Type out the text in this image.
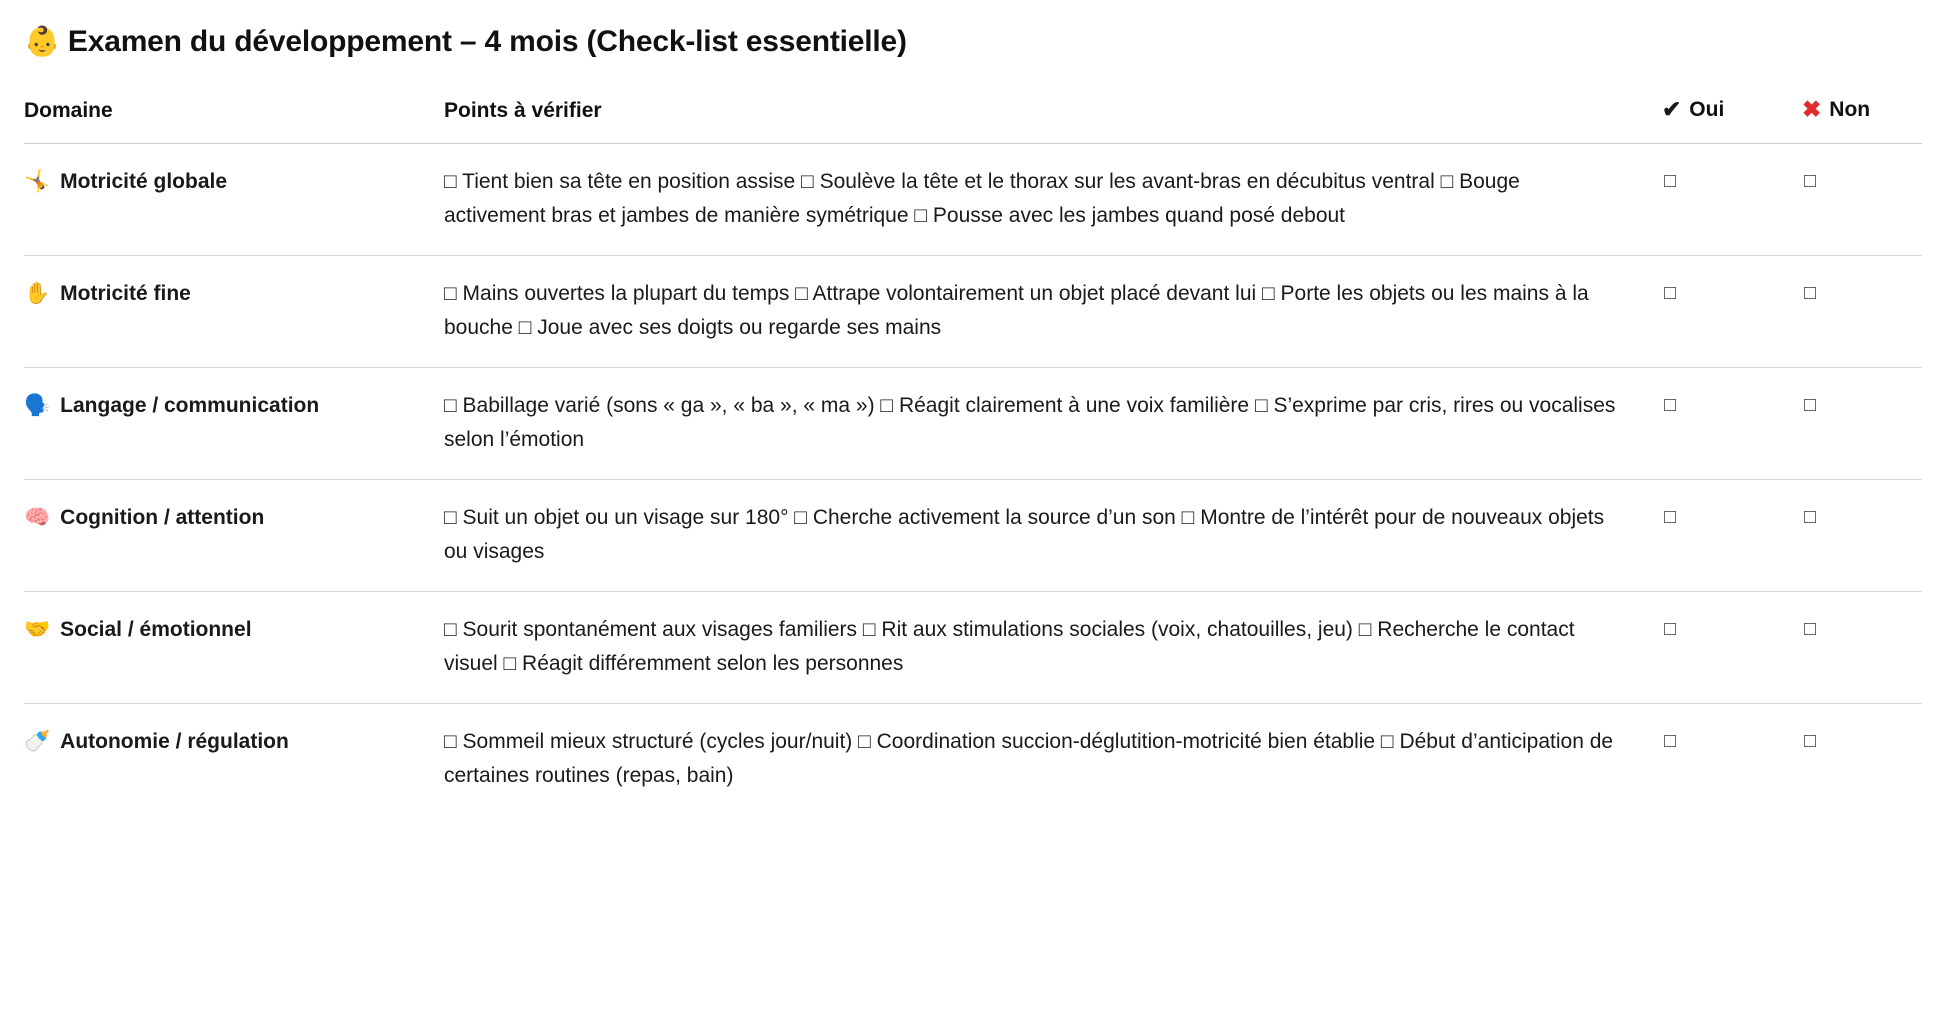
👶 Examen du développement – 4 mois (Check-list essentielle)
Domaine	Points à vérifier	✔︎ Oui	✖︎ Non
🤸 Motricité globale	□ Tient bien sa tête en position assise □ Soulève la tête et le thorax sur les avant-bras en décubitus ventral □ Bouge activement bras et jambes de manière symétrique □ Pousse avec les jambes quand posé debout	□	□
✋ Motricité fine	□ Mains ouvertes la plupart du temps □ Attrape volontairement un objet placé devant lui □ Porte les objets ou les mains à la bouche □ Joue avec ses doigts ou regarde ses mains	□	□
🗣️ Langage / communication	□ Babillage varié (sons « ga », « ba », « ma ») □ Réagit clairement à une voix familière □ S’exprime par cris, rires ou vocalises selon l’émotion	□	□
🧠 Cognition / attention	□ Suit un objet ou un visage sur 180° □ Cherche activement la source d’un son □ Montre de l’intérêt pour de nouveaux objets ou visages	□	□
🤝 Social / émotionnel	□ Sourit spontanément aux visages familiers □ Rit aux stimulations sociales (voix, chatouilles, jeu) □ Recherche le contact visuel □ Réagit différemment selon les personnes	□	□
🍼 Autonomie / régulation	□ Sommeil mieux structuré (cycles jour/nuit) □ Coordination succion-déglutition-motricité bien établie □ Début d’anticipation de certaines routines (repas, bain)	□	□
